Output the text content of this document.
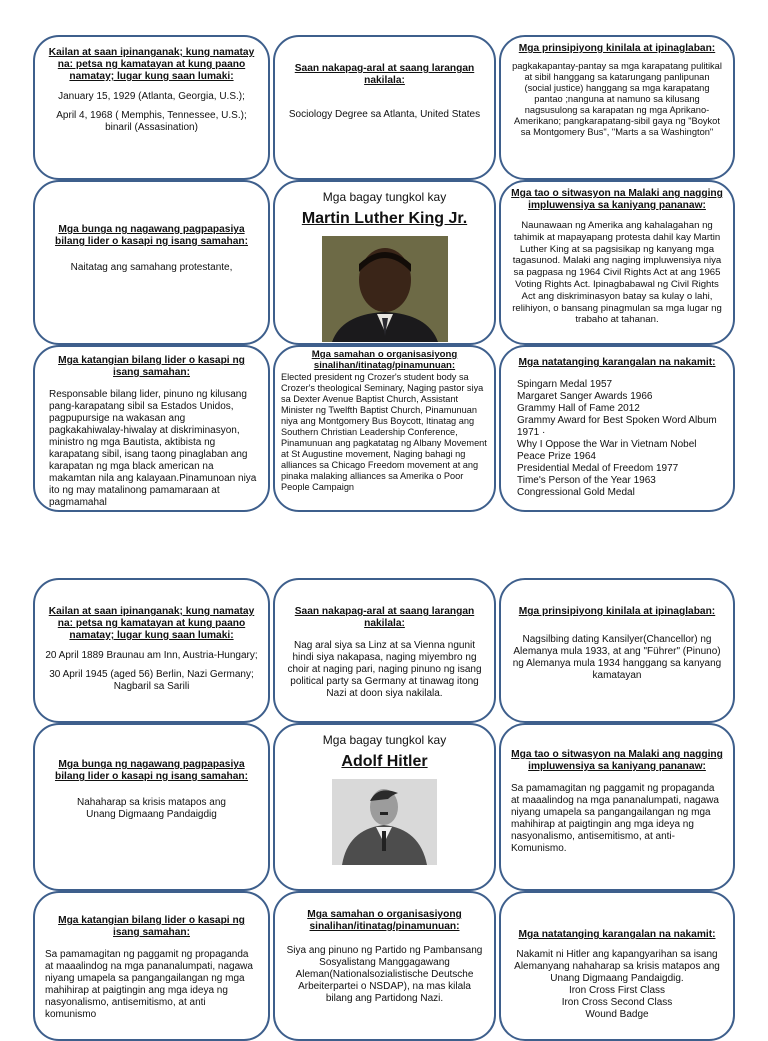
Kailan at saan ipinanganak; kung namatay na: petsa ng kamatayan at kung paano namatay; lugar kung saan lumaki:

January 15, 1929 (Atlanta, Georgia, U.S.);

April 4, 1968 ( Memphis, Tennessee, U.S.); binaril (Assasination)

Saan nakapag-aral at saang larangan nakilala:

Sociology Degree sa Atlanta, United States

Mga prinsipiyong kinilala at ipinaglaban:

pagkakapantay-pantay sa mga karapatang pulitikal at sibil hanggang sa katarungang panlipunan (social justice) hanggang sa mga karapatang pantao ;nanguna at namuno sa kilusang nagsusulong sa karapatan ng mga Aprikano-Amerikano; pangkarapatang-sibil gaya ng "Boykot sa Montgomery Bus", "Marts a sa Washington"

Mga bunga ng nagawang pagpapasiya bilang lider o kasapi ng isang samahan:

Naitatag ang samahang protestante,

Mga bagay tungkol kay

Martin Luther King Jr.

Mga tao o sitwasyon na Malaki ang nagging impluwensiya sa kaniyang pananaw:

Naunawaan ng Amerika ang kahalagahan ng tahimik at mapayapang protesta dahil kay Martin Luther King at sa pagsisikap ng kanyang mga tagasunod. Malaki ang naging impluwensiya niya sa pagpasa ng 1964 Civil Rights Act at ang 1965 Voting Rights Act. Ipinagbabawal ng Civil Rights Act ang diskriminasyon batay sa kulay o lahi, relihiyon, o bansang pinagmulan sa mga lugar ng trabaho at tahanan.

Mga katangian bilang lider o kasapi ng isang samahan:

Responsable bilang lider, pinuno ng kilusang pang-karapatang sibil sa Estados Unidos, pagpupursige na wakasan ang pagkakahiwalay-hiwalay at diskriminasyon, ministro ng mga Bautista, aktibista ng karapatang sibil, isang taong pinaglaban ang karapatan ng mga black american na makamtan nila ang kalayaan.Pinamunoan niya ito ng may matalinong pamamaraan at pagmamahal

Mga samahan o organisasiyong sinalihan/itinatag/pinamunuan:

Elected president ng Crozer's student body sa Crozer's theological Seminary, Naging pastor siya sa Dexter Avenue Baptist Church, Assistant Minister ng Twelfth Baptist Church, Pinamunuan niya ang Montgomery Bus Boycott, Itinatag ang Southern Christian Leadership Conference, Pinamunuan ang pagkatatag ng Albany Movement at St Augustine movement, Naging bahagi ng alliances sa Chicago Freedom movement at ang pinaka malaking alliances sa Amerika o Poor People Campaign

Mga natatanging karangalan na nakamit:

Spingarn Medal 1957
Margaret Sanger Awards 1966
Grammy Hall of Fame 2012
Grammy Award for Best Spoken Word Album 1971 ·
Why I Oppose the War in Vietnam Nobel Peace Prize 1964
Presidential Medal of Freedom 1977
Time's Person of the Year 1963
Congressional Gold Medal

Kailan at saan ipinanganak; kung namatay na: petsa ng kamatayan at kung paano namatay; lugar kung saan lumaki:

20 April 1889 Braunau am Inn, Austria-Hungary;

30 April 1945 (aged 56) Berlin, Nazi Germany; Nagbaril sa Sarili

Saan nakapag-aral at saang larangan nakilala:

Nag aral siya sa Linz at sa Vienna ngunit hindi siya nakapasa, naging miyembro ng choir at naging pari, naging pinuno ng isang political party sa Germany at tinawag itong Nazi at doon siya nakilala.

Mga prinsipiyong kinilala at ipinaglaban:

Nagsilbing dating Kansilyer(Chancellor) ng Alemanya mula 1933, at ang "Führer" (Pinuno) ng Alemanya mula 1934 hanggang sa kanyang kamatayan

Mga bunga ng nagawang pagpapasiya bilang lider o kasapi ng isang samahan:

Nahaharap sa krisis matapos ang Unang Digmaang Pandaigdig

Mga bagay tungkol kay

Adolf Hitler	Mga tao o sitwasyon na Malaki ang nagging impluwensiya sa kaniyang pananaw:

Sa pamamagitan ng paggamit ng propaganda at maaalindog na mga pananalumpati, nagawa niyang umapela sa pangangailangan ng mga mahihirap at paigtingin ang mga ideya ng nasyonalismo, antisemitismo, at anti-Komunismo.

Mga katangian bilang lider o kasapi ng isang samahan:

Sa pamamagitan ng paggamit ng propaganda at maaalindog na mga pananalumpati, nagawa niyang umapela sa pangangailangan ng mga mahihirap at paigtingin ang mga ideya ng nasyonalismo, antisemitismo, at anti komunismo

Mga samahan o organisasiyong sinalihan/itinatag/pinamunuan:

Siya ang pinuno ng Partido ng Pambansang Sosyalistang Manggagawang Aleman(Nationalsozialistische Deutsche Arbeiterpartei o NSDAP), na mas kilala bilang ang Partidong Nazi.

Mga natatanging karangalan na nakamit:

Nakamit ni Hitler ang kapangyarihan sa isang Alemanyang nahaharap sa krisis matapos ang Unang Digmaang Pandaigdig.

Iron Cross First Class

Iron Cross Second Class

Wound Badge
